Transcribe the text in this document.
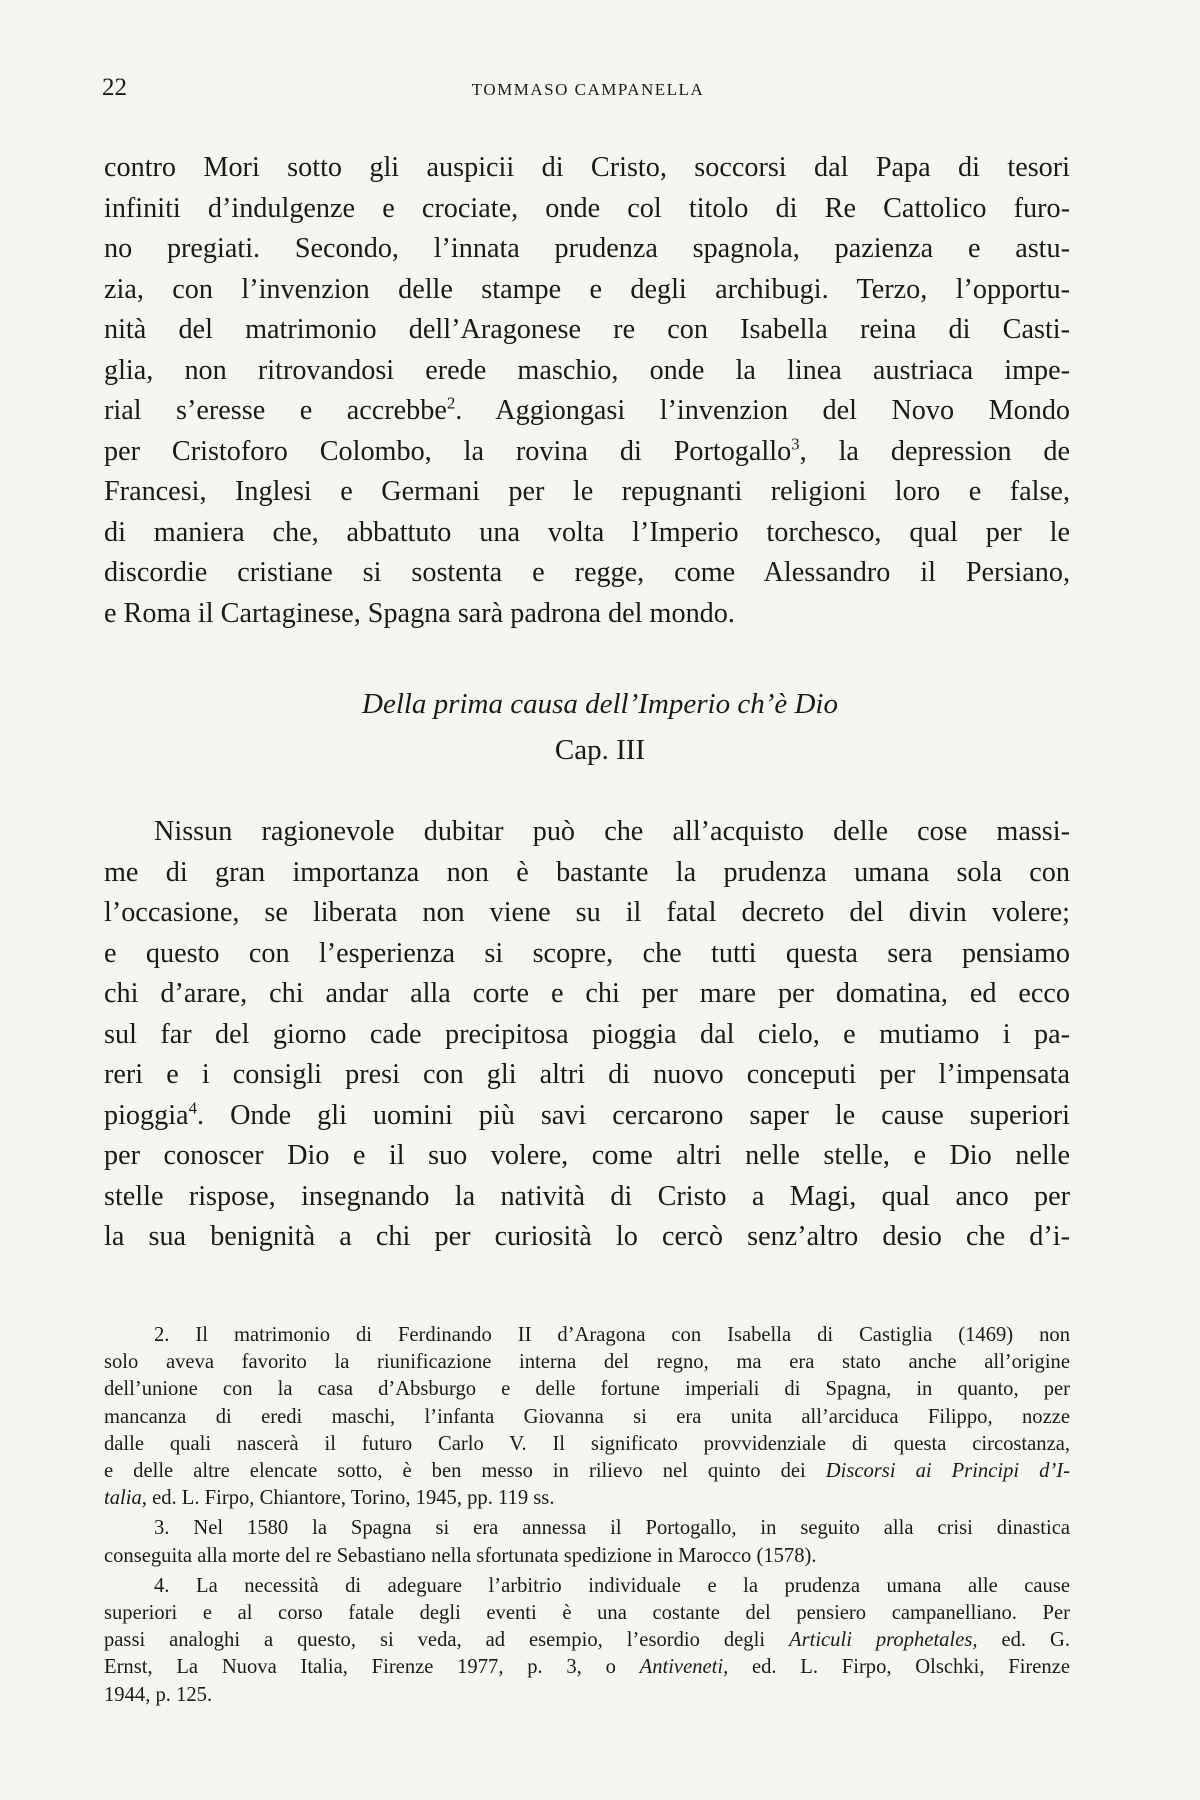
22	TOMMASO CAMPANELLA

contro Mori sotto gli auspicii di Cristo, soccorsi dal Papa di tesori

infiniti d’indulgenze e crociate, onde col titolo di Re Cattolico furo-

no pregiati. Secondo, l’innata prudenza spagnola, pazienza e astu-

zia, con l’invenzion delle stampe e degli archibugi. Terzo, l’opportu-

nità del matrimonio dell’Aragonese re con Isabella reina di Casti-

glia, non ritrovandosi erede maschio, onde la linea austriaca impe-

rial s’eresse e accrebbe$^2$. Aggiongasi l’invenzion del Novo Mondo

per Cristoforo Colombo, la rovina di Portogallo$^3$, la depression de

Francesi, Inglesi e Germani per le repugnanti religioni loro e false,

di maniera che, abbattuto una volta l’Imperio torchesco, qual per le

discordie cristiane si sostenta e regge, come Alessandro il Persiano,

e Roma il Cartaginese, Spagna sarà padrona del mondo.

Della prima causa dell’Imperio ch’è Dio
Cap. III

Nissun ragionevole dubitar può che all’acquisto delle cose massi-

me di gran importanza non è bastante la prudenza umana sola con

l’occasione, se liberata non viene su il fatal decreto del divin volere;

e questo con l’esperienza si scopre, che tutti questa sera pensiamo

chi d’arare, chi andar alla corte e chi per mare per domatina, ed ecco

sul far del giorno cade precipitosa pioggia dal cielo, e mutiamo i pa-

reri e i consigli presi con gli altri di nuovo conceputi per l’impensata

pioggia$^4$. Onde gli uomini più savi cercarono saper le cause superiori

per conoscer Dio e il suo volere, come altri nelle stelle, e Dio nelle

stelle rispose, insegnando la natività di Cristo a Magi, qual anco per

la sua benignità a chi per curiosità lo cercò senz’altro desio che d’i-

2. Il matrimonio di Ferdinando II d’Aragona con Isabella di Castiglia (1469) non

solo aveva favorito la riunificazione interna del regno, ma era stato anche all’origine

dell’unione con la casa d’Absburgo e delle fortune imperiali di Spagna, in quanto, per

mancanza di eredi maschi, l’infanta Giovanna si era unita all’arciduca Filippo, nozze

dalle quali nascerà il futuro Carlo V. Il significato provvidenziale di questa circostanza,

e delle altre elencate sotto, è ben messo in rilievo nel quinto dei Discorsi ai Principi d’I-

talia, ed. L. Firpo, Chiantore, Torino, 1945, pp. 119 ss.

3. Nel 1580 la Spagna si era annessa il Portogallo, in seguito alla crisi dinastica

conseguita alla morte del re Sebastiano nella sfortunata spedizione in Marocco (1578).

4. La necessità di adeguare l’arbitrio individuale e la prudenza umana alle cause

superiori e al corso fatale degli eventi è una costante del pensiero campanelliano. Per

passi analoghi a questo, si veda, ad esempio, l’esordio degli Articuli prophetales, ed. G.

Ernst, La Nuova Italia, Firenze 1977, p. 3, o Antiveneti, ed. L. Firpo, Olschki, Firenze

1944, p. 125.
